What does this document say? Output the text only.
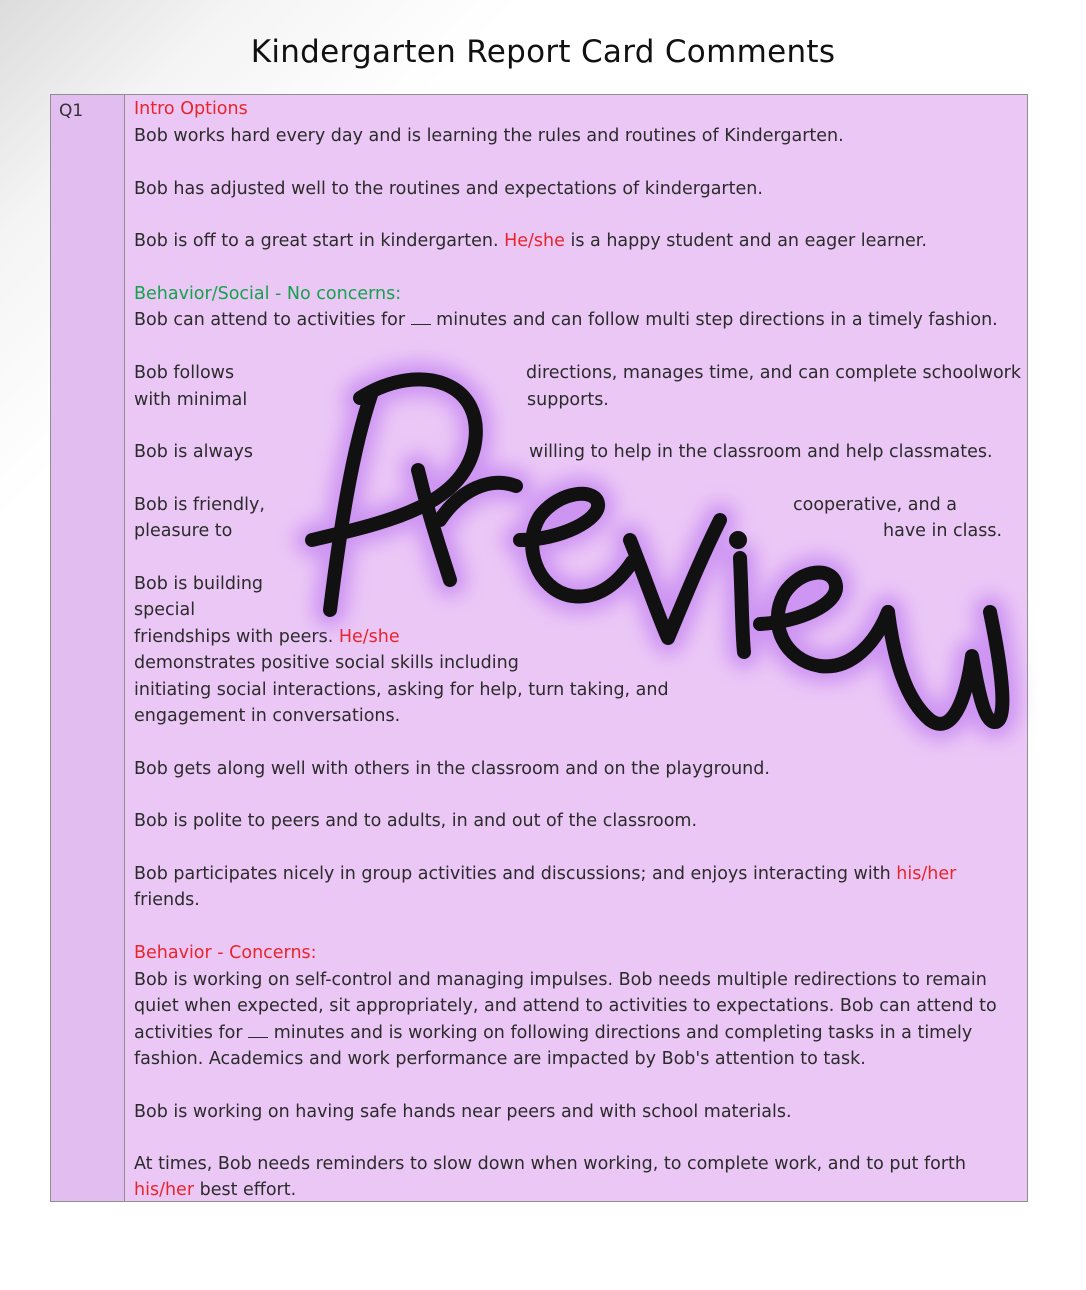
Kindergarten Report Card Comments
Q1	Intro Options
Bob works hard every day and is learning the rules and routines of Kindergarten.
Bob has adjusted well to the routines and expectations of kindergarten.
Bob is off to a great start in kindergarten. He/she is a happy student and an eager learner.
Behavior/Social - No concerns:
Bob can attend to activities for minutes and can follow multi step directions in a timely fashion.
Bob follows	directions, manages time, and can complete schoolwork
with minimal	supports.
Bob is always	willing to help in the classroom and help classmates.
Bob is friendly,	cooperative, and a
pleasure to	have in class.
Bob is building
special
friendships with peers. He/she
demonstrates positive social skills including
initiating social interactions, asking for help, turn taking, and
engagement in conversations.
Bob gets along well with others in the classroom and on the playground.
Bob is polite to peers and to adults, in and out of the classroom.
Bob participates nicely in group activities and discussions; and enjoys interacting with his/her
friends.
Behavior - Concerns:
Bob is working on self-control and managing impulses. Bob needs multiple redirections to remain
quiet when expected, sit appropriately, and attend to activities to expectations. Bob can attend to
activities for minutes and is working on following directions and completing tasks in a timely
fashion. Academics and work performance are impacted by Bob's attention to task.
Bob is working on having safe hands near peers and with school materials.
At times, Bob needs reminders to slow down when working, to complete work, and to put forth
his/her best effort.
